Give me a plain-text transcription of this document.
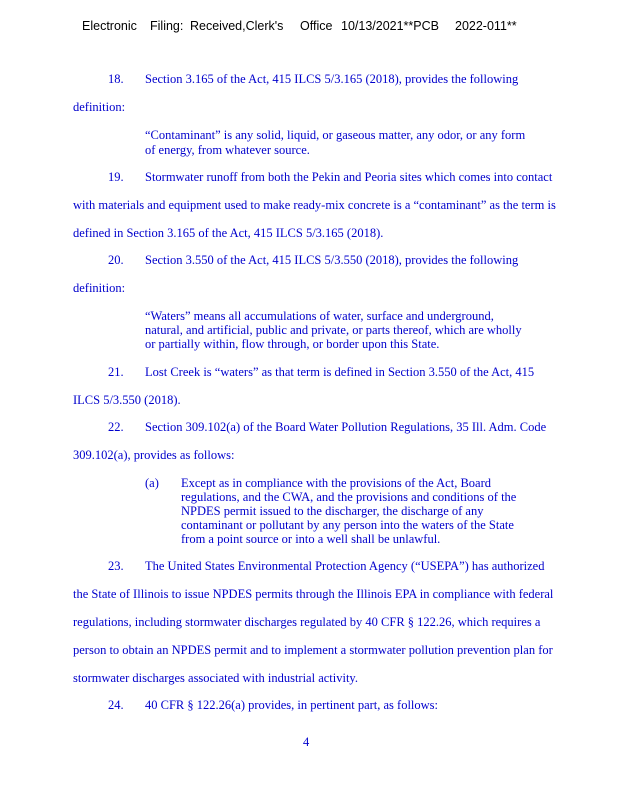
Electronic Filing: Received,Clerk's Office 10/13/2021**PCB 2022-011**
18. Section 3.165 of the Act, 415 ILCS 5/3.165 (2018), provides the following
definition:
“Contaminant” is any solid, liquid, or gaseous matter, any odor, or any form
of energy, from whatever source.
19. Stormwater runoff from both the Pekin and Peoria sites which comes into contact
with materials and equipment used to make ready-mix concrete is a “contaminant” as the term is
defined in Section 3.165 of the Act, 415 ILCS 5/3.165 (2018).
20. Section 3.550 of the Act, 415 ILCS 5/3.550 (2018), provides the following
definition:
“Waters” means all accumulations of water, surface and underground,
natural, and artificial, public and private, or parts thereof, which are wholly
or partially within, flow through, or border upon this State.
21. Lost Creek is “waters” as that term is defined in Section 3.550 of the Act, 415
ILCS 5/3.550 (2018).
22. Section 309.102(a) of the Board Water Pollution Regulations, 35 Ill. Adm. Code
309.102(a), provides as follows:
(a) Except as in compliance with the provisions of the Act, Board
regulations, and the CWA, and the provisions and conditions of the
NPDES permit issued to the discharger, the discharge of any
contaminant or pollutant by any person into the waters of the State
from a point source or into a well shall be unlawful.
23. The United States Environmental Protection Agency (“USEPA”) has authorized
the State of Illinois to issue NPDES permits through the Illinois EPA in compliance with federal
regulations, including stormwater discharges regulated by 40 CFR § 122.26, which requires a
person to obtain an NPDES permit and to implement a stormwater pollution prevention plan for
stormwater discharges associated with industrial activity.
24. 40 CFR § 122.26(a) provides, in pertinent part, as follows:
4
